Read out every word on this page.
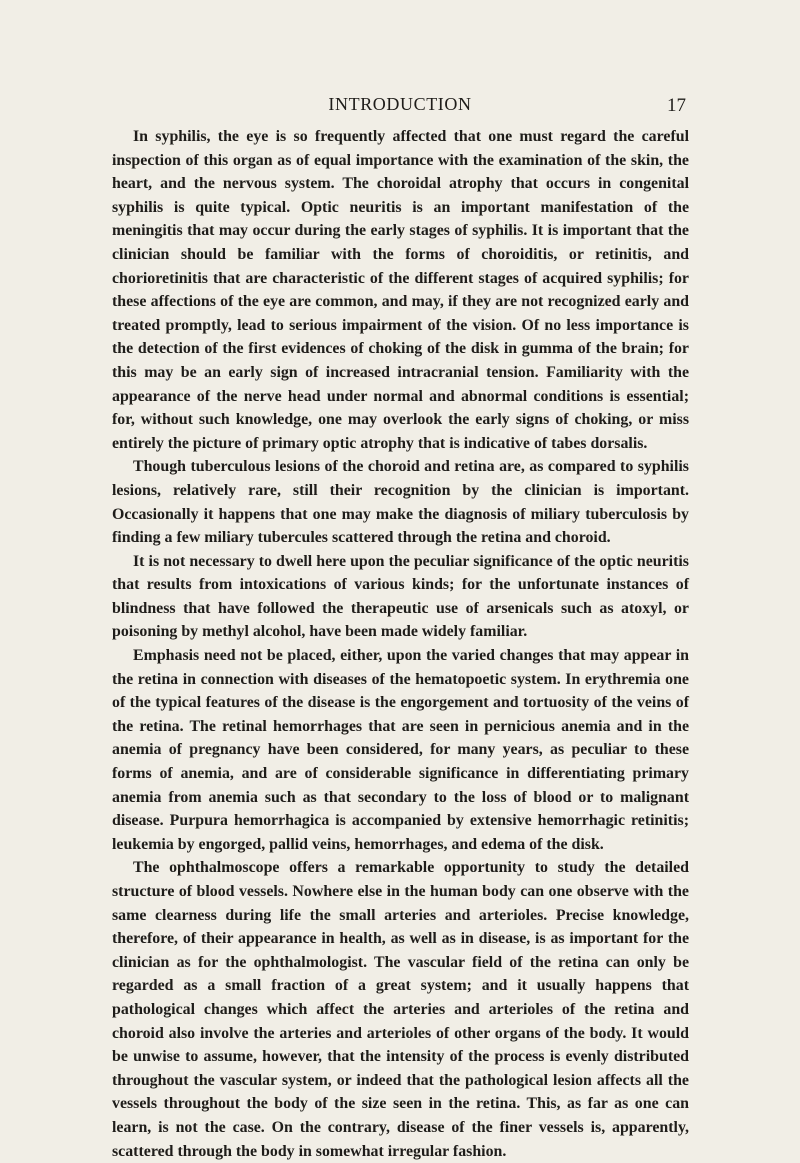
INTRODUCTION	17

In syphilis, the eye is so frequently affected that one must regard the careful inspection of this organ as of equal importance with the examination of the skin, the heart, and the nervous system. The choroidal atrophy that occurs in congenital syphilis is quite typical. Optic neuritis is an important manifestation of the meningitis that may occur during the early stages of syphilis. It is important that the clinician should be familiar with the forms of choroiditis, or retinitis, and chorioretinitis that are characteristic of the different stages of acquired syphilis; for these affections of the eye are common, and may, if they are not recognized early and treated promptly, lead to serious impairment of the vision. Of no less importance is the detection of the first evidences of choking of the disk in gumma of the brain; for this may be an early sign of increased intracranial tension. Familiarity with the appearance of the nerve head under normal and abnormal conditions is essential; for, without such knowledge, one may overlook the early signs of choking, or miss entirely the picture of primary optic atrophy that is indicative of tabes dorsalis.

Though tuberculous lesions of the choroid and retina are, as compared to syphilis lesions, relatively rare, still their recognition by the clinician is important. Occasionally it happens that one may make the diagnosis of miliary tuberculosis by finding a few miliary tubercules scattered through the retina and choroid.

It is not necessary to dwell here upon the peculiar significance of the optic neuritis that results from intoxications of various kinds; for the unfortunate instances of blindness that have followed the therapeutic use of arsenicals such as atoxyl, or poisoning by methyl alcohol, have been made widely familiar.

Emphasis need not be placed, either, upon the varied changes that may appear in the retina in connection with diseases of the hematopoetic system. In erythremia one of the typical features of the disease is the engorgement and tortuosity of the veins of the retina. The retinal hemorrhages that are seen in pernicious anemia and in the anemia of pregnancy have been considered, for many years, as peculiar to these forms of anemia, and are of considerable significance in differentiating primary anemia from anemia such as that secondary to the loss of blood or to malignant disease. Purpura hemorrhagica is accompanied by extensive hemorrhagic retinitis; leukemia by engorged, pallid veins, hemorrhages, and edema of the disk.

The ophthalmoscope offers a remarkable opportunity to study the detailed structure of blood vessels. Nowhere else in the human body can one observe with the same clearness during life the small arteries and arterioles. Precise knowledge, therefore, of their appearance in health, as well as in disease, is as important for the clinician as for the ophthalmologist. The vascular field of the retina can only be regarded as a small fraction of a great system; and it usually happens that pathological changes which affect the arteries and arterioles of the retina and choroid also involve the arteries and arterioles of other organs of the body. It would be unwise to assume, however, that the intensity of the process is evenly distributed throughout the vascular system, or indeed that the pathological lesion affects all the vessels throughout the body of the size seen in the retina. This, as far as one can learn, is not the case. On the contrary, disease of the finer vessels is, apparently, scattered through the body in somewhat irregular fashion.
